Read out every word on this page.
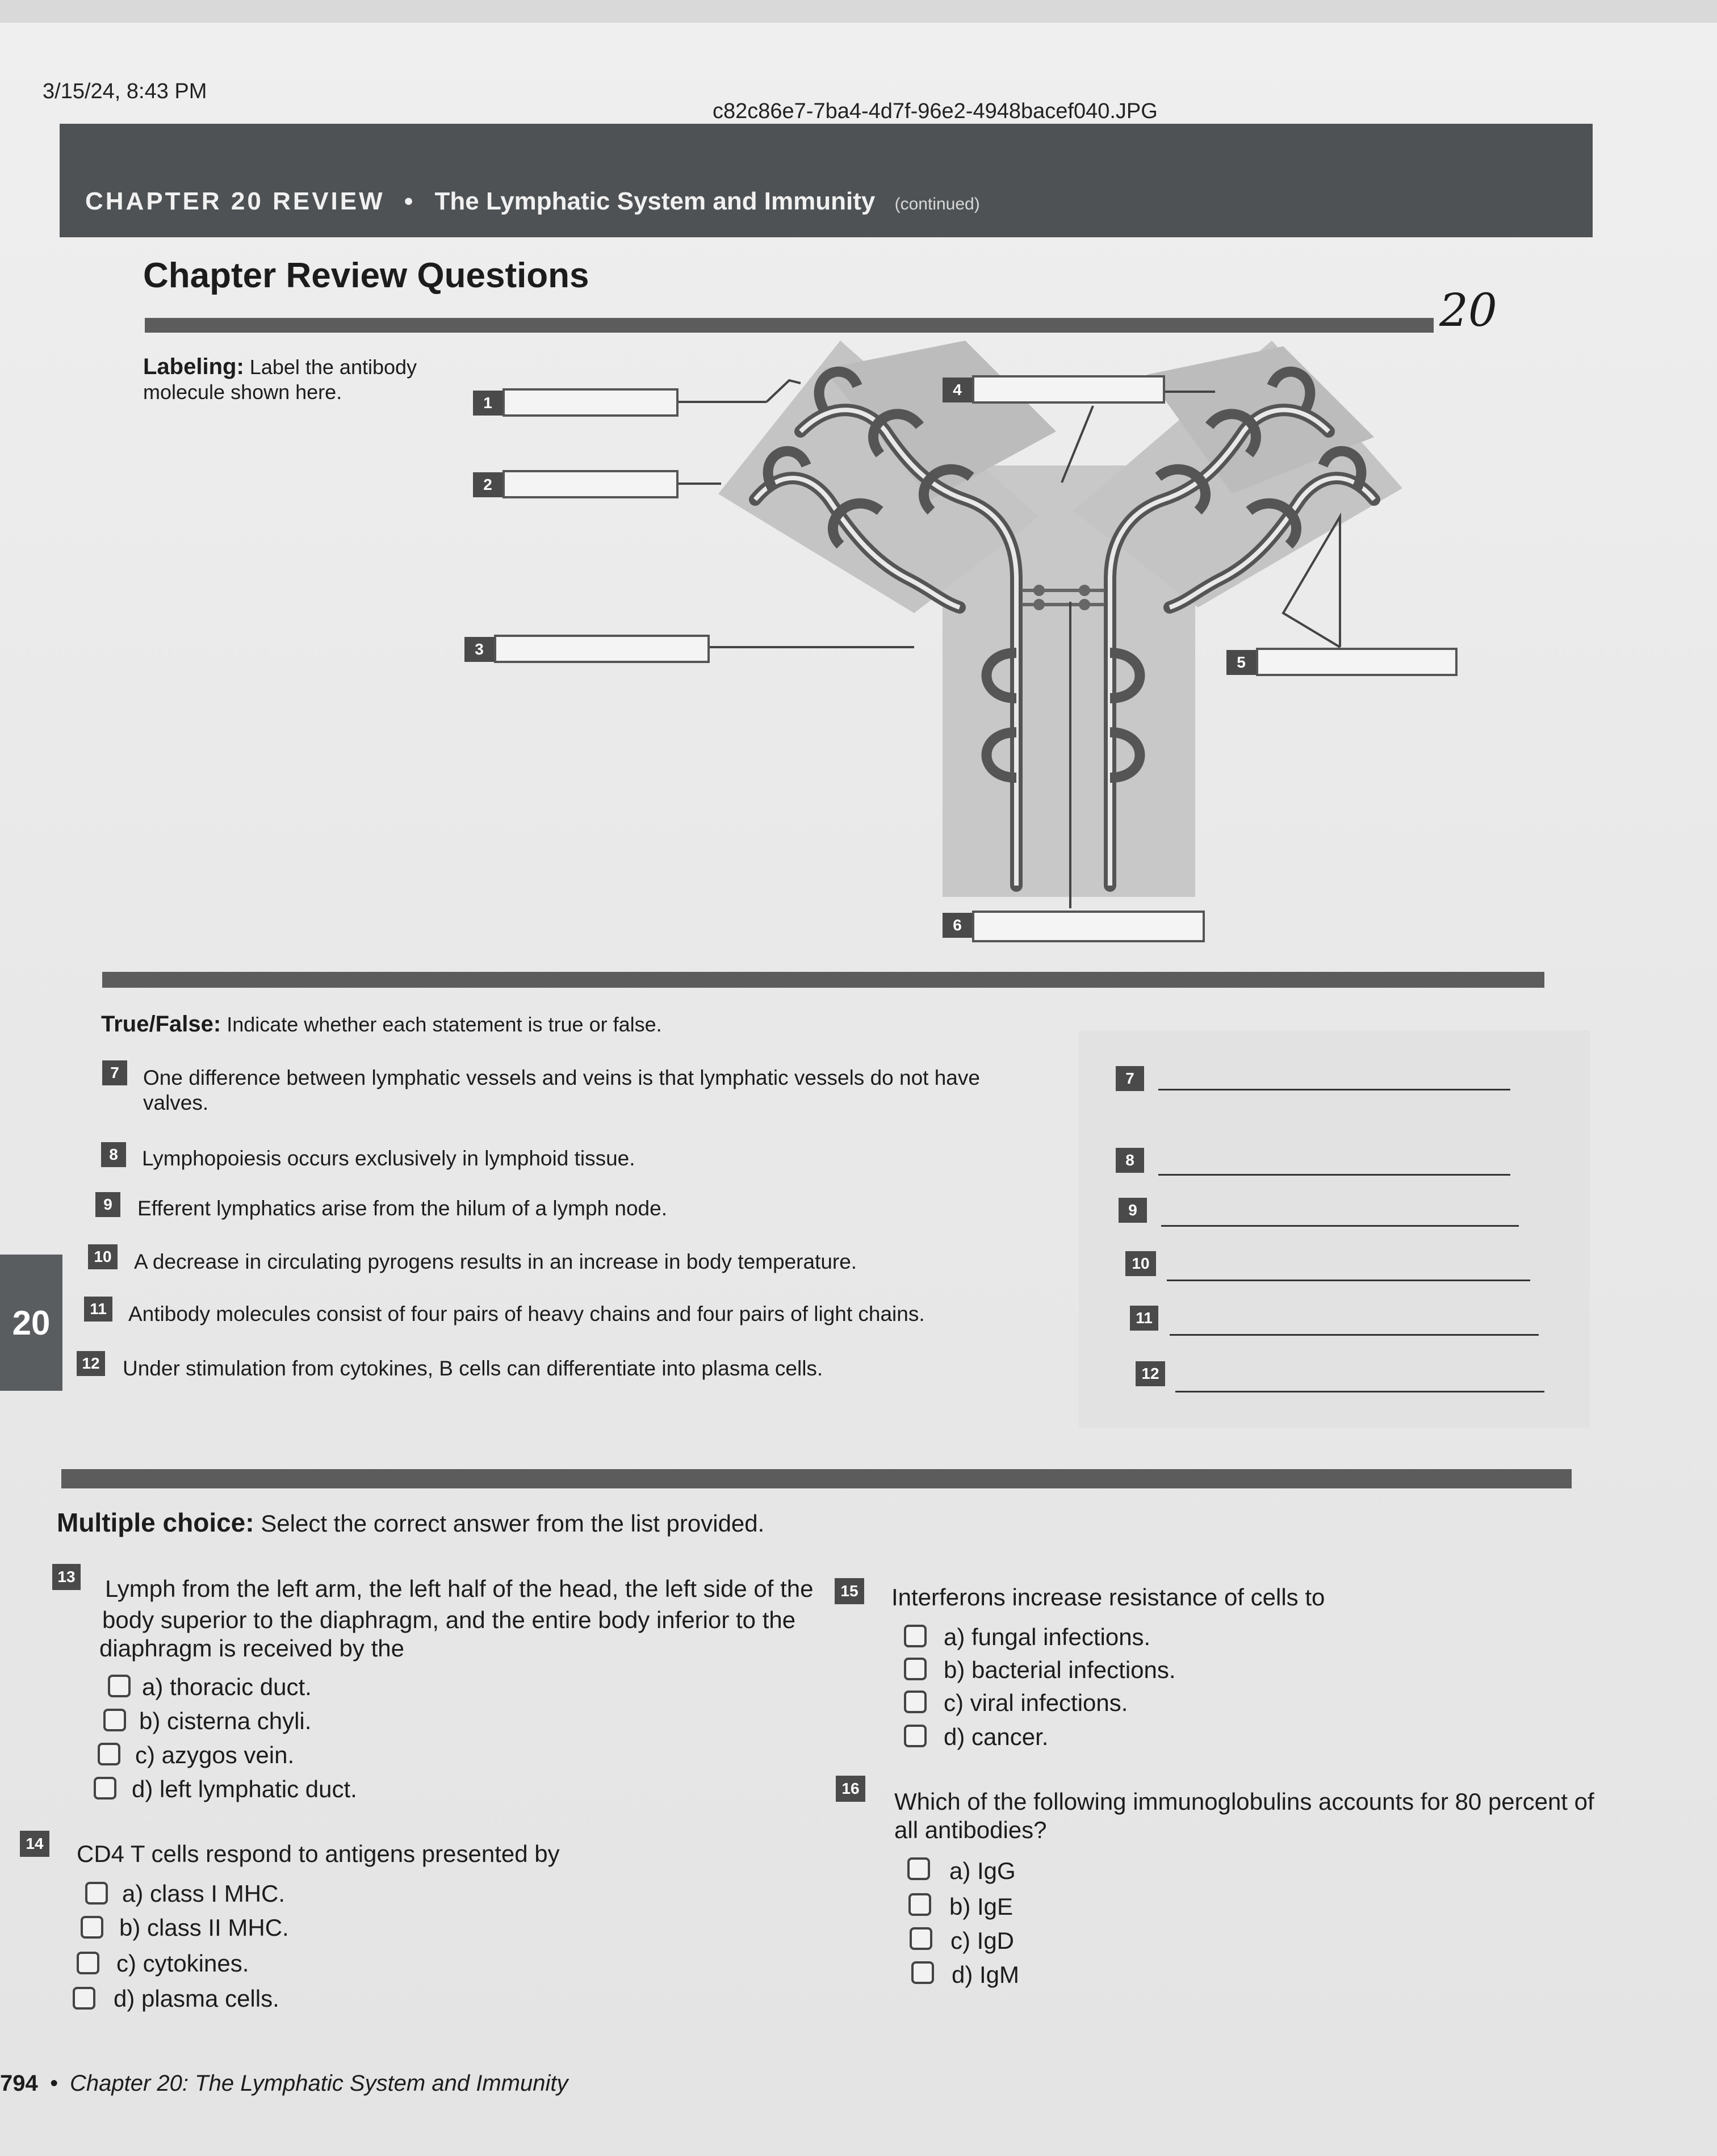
3/15/24, 8:43 PM
c82c86e7-7ba4-4d7f-96e2-4948bacef040.JPG
CHAPTER 20 REVIEW • The Lymphatic System and Immunity (continued)
Chapter Review Questions
20
Labeling: Label the antibody molecule shown here.	1
2
3
4
5
6
True/False: Indicate whether each statement is true or false.
7	One difference between lymphatic vessels and veins is that lymphatic vessels do not have
valves.
7
8	Lymphopoiesis occurs exclusively in lymphoid tissue.	8
9	Efferent lymphatics arise from the hilum of a lymph node.	9
10 A decrease in circulating pyrogens results in an increase in body temperature.	10
11 Antibody molecules consist of four pairs of heavy chains and four pairs of light chains.	11
12 Under stimulation from cytokines, B cells can differentiate into plasma cells.	12
20
Multiple choice: Select the correct answer from the list provided.
13 Lymph from the left arm, the left half of the head, the left side of the
body superior to the diaphragm, and the entire body inferior to the
diaphragm is received by the
a) thoracic duct.
b) cisterna chyli.
c) azygos vein.
d) left lymphatic duct.
14 CD4 T cells respond to antigens presented by
a) class I MHC.
b) class II MHC.
c) cytokines.
d) plasma cells.
15 Interferons increase resistance of cells to
a) fungal infections.
b) bacterial infections.
c) viral infections.
d) cancer.
16 Which of the following immunoglobulins accounts for 80 percent of
all antibodies?
a) IgG
b) IgE
c) IgD
d) IgM
794 • Chapter 20: The Lymphatic System and Immunity
